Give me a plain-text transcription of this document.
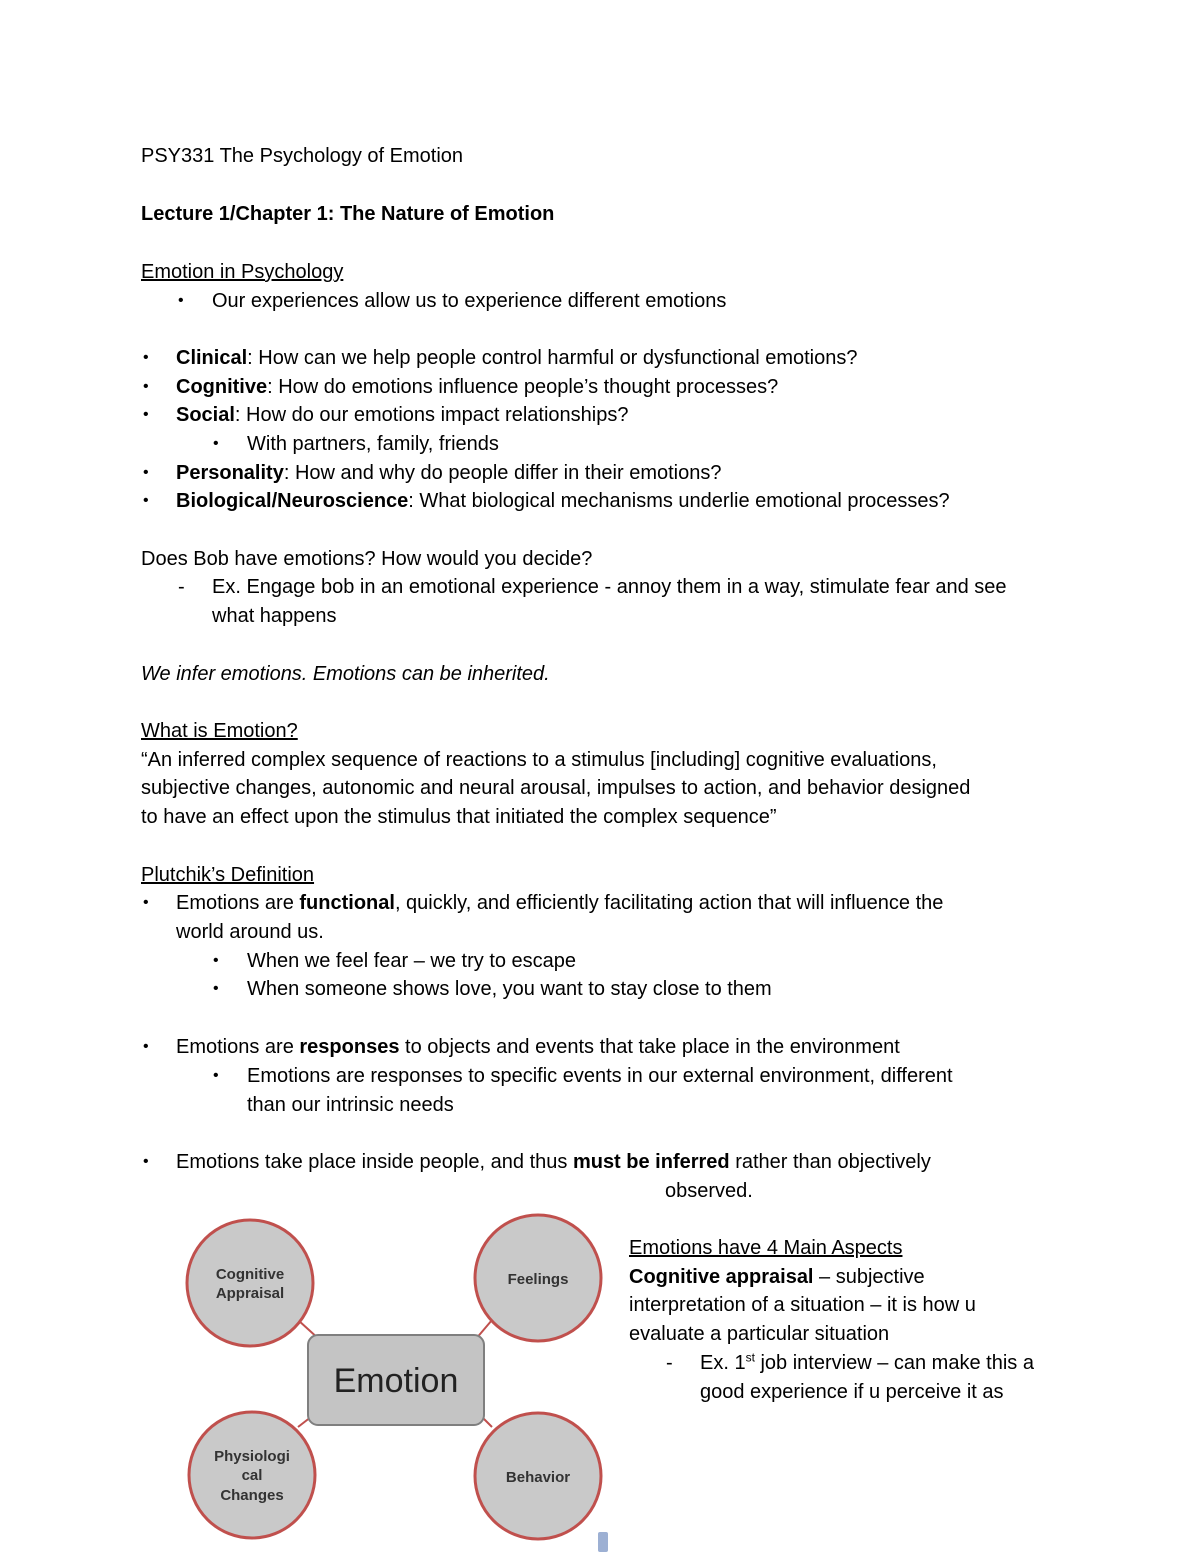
PSY331 The Psychology of Emotion
Lecture 1/Chapter 1: The Nature of Emotion
Emotion in Psychology
• Our experiences allow us to experience different emotions
• Clinical: How can we help people control harmful or dysfunctional emotions?
• Cognitive: How do emotions influence people’s thought processes?
• Social: How do our emotions impact relationships?
• With partners, family, friends
• Personality: How and why do people differ in their emotions?
• Biological/Neuroscience: What biological mechanisms underlie emotional processes?
Does Bob have emotions? How would you decide?
- Ex. Engage bob in an emotional experience - annoy them in a way, stimulate fear and see
what happens
We infer emotions. Emotions can be inherited.
What is Emotion?
“An inferred complex sequence of reactions to a stimulus [including] cognitive evaluations,
subjective changes, autonomic and neural arousal, impulses to action, and behavior designed
to have an effect upon the stimulus that initiated the complex sequence”
Plutchik’s Definition
• Emotions are functional, quickly, and efficiently facilitating action that will influence the
world around us.
• When we feel fear – we try to escape
• When someone shows love, you want to stay close to them
• Emotions are responses to objects and events that take place in the environment
• Emotions are responses to specific events in our external environment, different
than our intrinsic needs
• Emotions take place inside people, and thus must be inferred rather than objectively
observed.
Emotion
Cognitive
Appraisal
Feelings
Physiologi
cal
Changes
Behavior
Emotions have 4 Main Aspects
Cognitive appraisal – subjective
interpretation of a situation – it is how u
evaluate a particular situation
- Ex. 1st job interview – can make this a
good experience if u perceive it as
